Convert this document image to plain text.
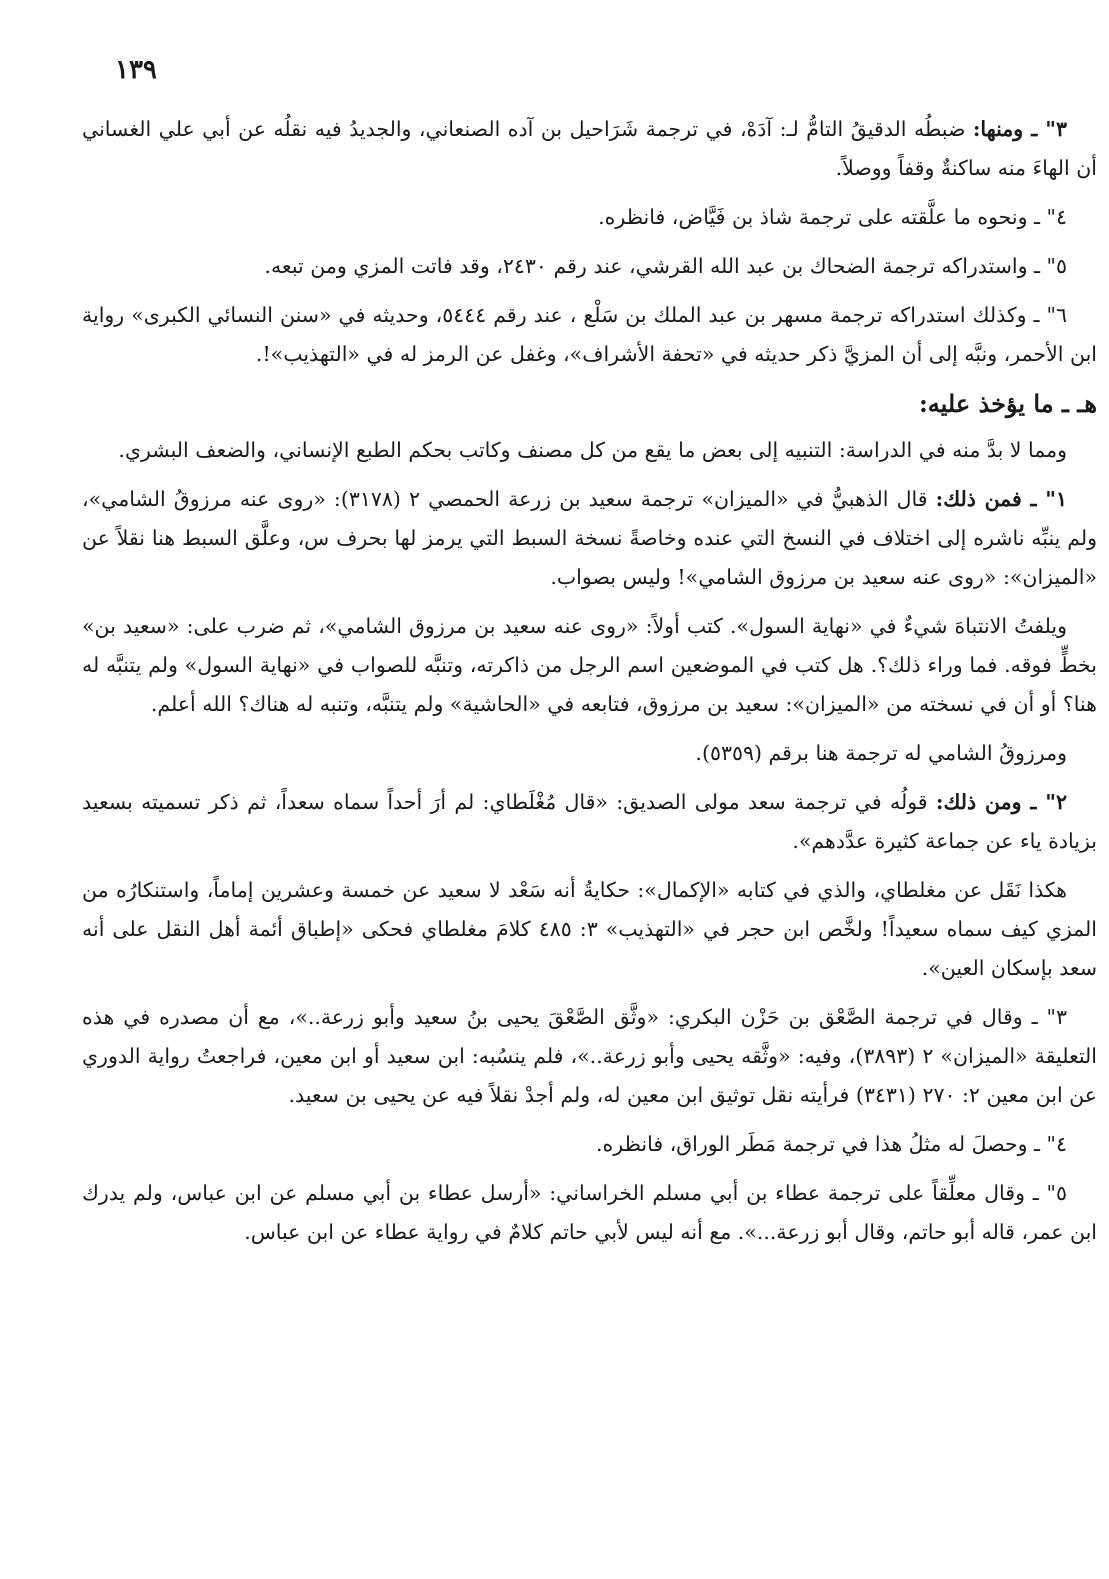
١٣٩

٣" ـ ومنها: ضبطُه الدقيقُ التامُّ لـ: آدَهْ، في ترجمة شَرَاحيل بن آده الصنعاني، والجديدُ فيه نقلُه عن أبي علي الغساني أن الهاءَ منه ساكنةٌ وقفاً ووصلاً.

٤" ـ ونحوه ما علَّقته على ترجمة شاذ بن فَيَّاض، فانظره.

٥" ـ واستدراكه ترجمة الضحاك بن عبد الله القرشي، عند رقم ٢٤٣٠، وقد فاتت المزي ومن تبعه.

٦" ـ وكذلك استدراكه ترجمة مسهر بن عبد الملك بن سَلْع ، عند رقم ٥٤٤٤، وحديثه في «سنن النسائي الكبرى» رواية ابن الأحمر، ونبَّه إلى أن المزيَّ ذكر حديثه في «تحفة الأشراف»، وغفل عن الرمز له في «التهذيب»!.

هـ ـ ما يؤخذ عليه:

ومما لا بدَّ منه في الدراسة: التنبيه إلى بعض ما يقع من كل مصنف وكاتب بحكم الطبع الإنساني، والضعف البشري.

١" ـ فمن ذلك: قال الذهبيُّ في «الميزان» ترجمة سعيد بن زرعة الحمصي ٢ (٣١٧٨): «روى عنه مرزوقُ الشامي»، ولم ينبِّه ناشره إلى اختلاف في النسخ التي عنده وخاصةً نسخة السبط التي يرمز لها بحرف س، وعلَّق السبط هنا نقلاً عن «الميزان»: «روى عنه سعيد بن مرزوق الشامي»! وليس بصواب.

ويلفتُ الانتباهَ شيءٌ في «نهاية السول». كتب أولاً: «روى عنه سعيد بن مرزوق الشامي»، ثم ضرب على: «سعيد بن» بخطٍّ فوقه. فما وراء ذلك؟. هل كتب في الموضعين اسم الرجل من ذاكرته، وتنبَّه للصواب في «نهاية السول» ولم يتنبَّه له هنا؟ أو أن في نسخته من «الميزان»: سعيد بن مرزوق، فتابعه في «الحاشية» ولم يتنبَّه، وتنبه له هناك؟ الله أعلم.

ومرزوقُ الشامي له ترجمة هنا برقم (٥٣٥٩).

٢" ـ ومن ذلك: قولُه في ترجمة سعد مولى الصديق: «قال مُغْلَطاي: لم أرَ أحداً سماه سعداً، ثم ذكر تسميته بسعيد بزيادة ياء عن جماعة كثيرة عدَّدهم».

هكذا نَقَل عن مغلطاي، والذي في كتابه «الإكمال»: حكايةُ أنه سَعْد لا سعيد عن خمسة وعشرين إماماً، واستنكارُه من المزي كيف سماه سعيداً! ولخَّص ابن حجر في «التهذيب» ٣: ٤٨٥ كلامَ مغلطاي فحكى «إطباق أئمة أهل النقل على أنه سعد بإسكان العين».

٣" ـ وقال في ترجمة الصَّعْق بن حَزْن البكري: «وثَّق الصَّعْقَ يحيى بنُ سعيد وأبو زرعة..»، مع أن مصدره في هذه التعليقة «الميزان» ٢ (٣٨٩٣)، وفيه: «وثَّقه يحيى وأبو زرعة..»، فلم ينسُبه: ابن سعيد أو ابن معين، فراجعتُ رواية الدوري عن ابن معين ٢: ٢٧٠ (٣٤٣١) فرأيته نقل توثيق ابن معين له، ولم أجدْ نقلاً فيه عن يحيى بن سعيد.

٤" ـ وحصلَ له مثلُ هذا في ترجمة مَطَر الوراق، فانظره.

٥" ـ وقال معلِّقاً على ترجمة عطاء بن أبي مسلم الخراساني: «أرسل عطاء بن أبي مسلم عن ابن عباس، ولم يدرك ابن عمر، قاله أبو حاتم، وقال أبو زرعة...». مع أنه ليس لأبي حاتم كلامٌ في رواية عطاء عن ابن عباس.
